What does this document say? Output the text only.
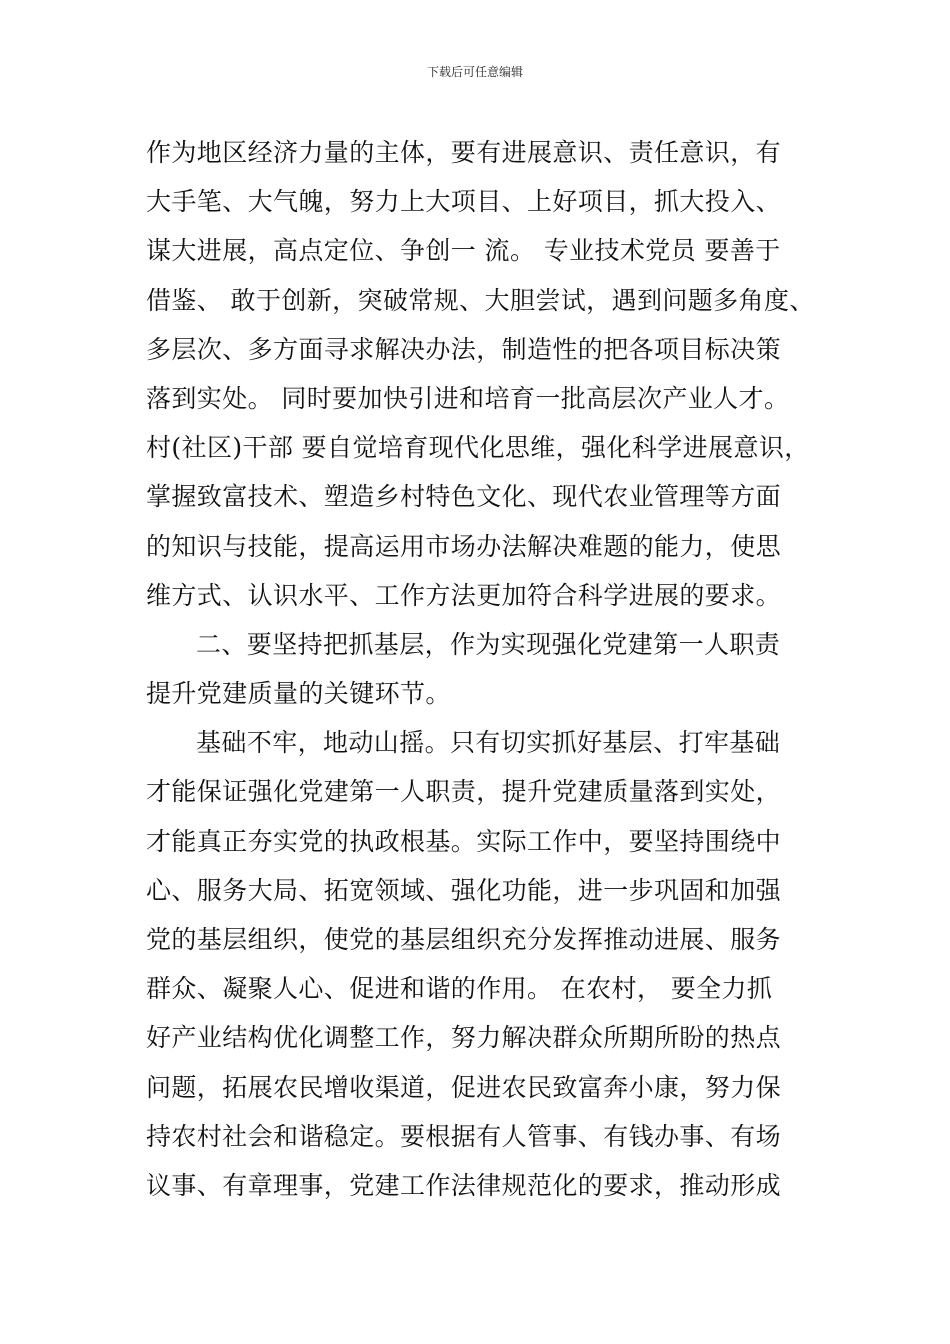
下载后可任意编辑
作为地区经济力量的主体，要有进展意识、责任意识，有
大手笔、大气魄，努力上大项目、上好项目，抓大投入、
谋大进展，高点定位、争创一 流。 专业技术党员 要善于
借鉴、 敢于创新，突破常规、大胆尝试，遇到问题多角度、
多层次、多方面寻求解决办法，制造性的把各项目标决策
落到实处。 同时要加快引进和培育一批高层次产业人才。
村(社区)干部 要自觉培育现代化思维，强化科学进展意识，
掌握致富技术、塑造乡村特色文化、现代农业管理等方面
的知识与技能，提高运用市场办法解决难题的能力，使思
维方式、认识水平、工作方法更加符合科学进展的要求。
二、要坚持把抓基层，作为实现强化党建第一人职责
提升党建质量的关键环节。
基础不牢，地动山摇。只有切实抓好基层、打牢基础
才能保证强化党建第一人职责，提升党建质量落到实处，
才能真正夯实党的执政根基。实际工作中，要坚持围绕中
心、服务大局、拓宽领域、强化功能，进一步巩固和加强
党的基层组织，使党的基层组织充分发挥推动进展、服务
群众、凝聚人心、促进和谐的作用。 在农村， 要全力抓
好产业结构优化调整工作，努力解决群众所期所盼的热点
问题，拓展农民增收渠道，促进农民致富奔小康，努力保
持农村社会和谐稳定。要根据有人管事、有钱办事、有场
议事、有章理事，党建工作法律规范化的要求，推动形成
